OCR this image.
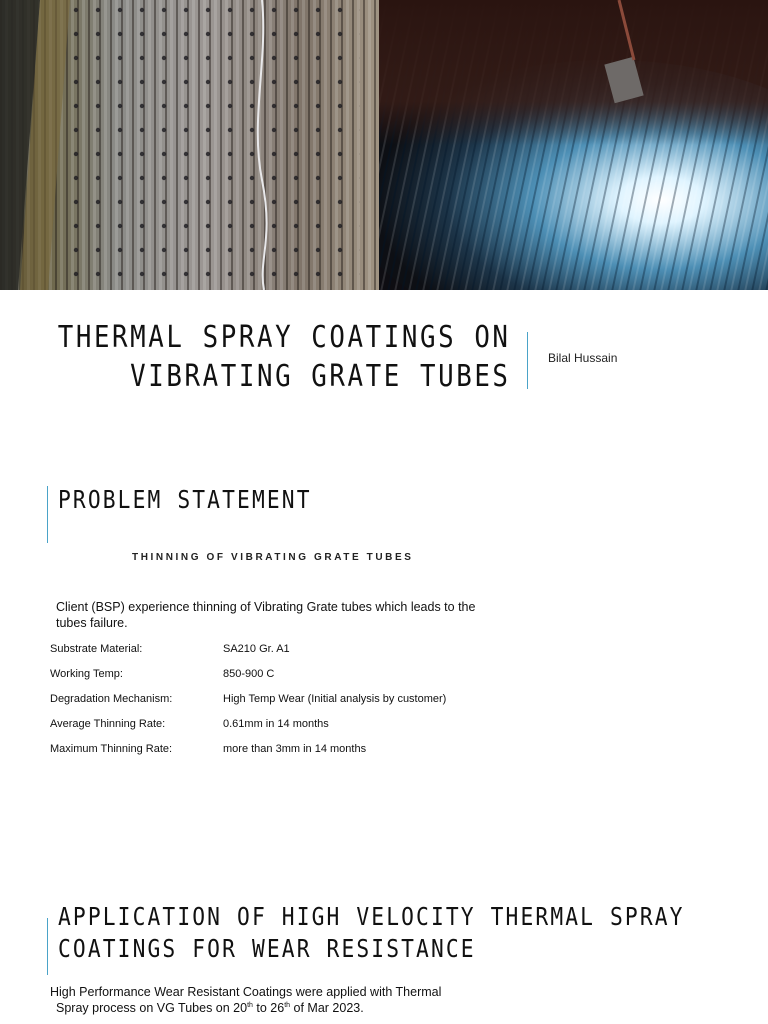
THERMAL SPRAY COATINGS ON
VIBRATING GRATE TUBES
Bilal Hussain
PROBLEM STATEMENT
THINNING OF VIBRATING GRATE TUBES
Client (BSP) experience thinning of Vibrating Grate tubes which leads to the tubes failure.
Substrate Material:	SA210 Gr. A1
Working Temp:	850-900 C
Degradation Mechanism:	High Temp Wear (Initial analysis by customer)
Average Thinning Rate:	0.61mm in 14 months
Maximum Thinning Rate:	more than 3mm in 14 months
APPLICATION OF HIGH VELOCITY THERMAL SPRAY
COATINGS FOR WEAR RESISTANCE
High Performance Wear Resistant Coatings were applied with Thermal
Spray process on VG Tubes on 20th to 26th of Mar 2023.
